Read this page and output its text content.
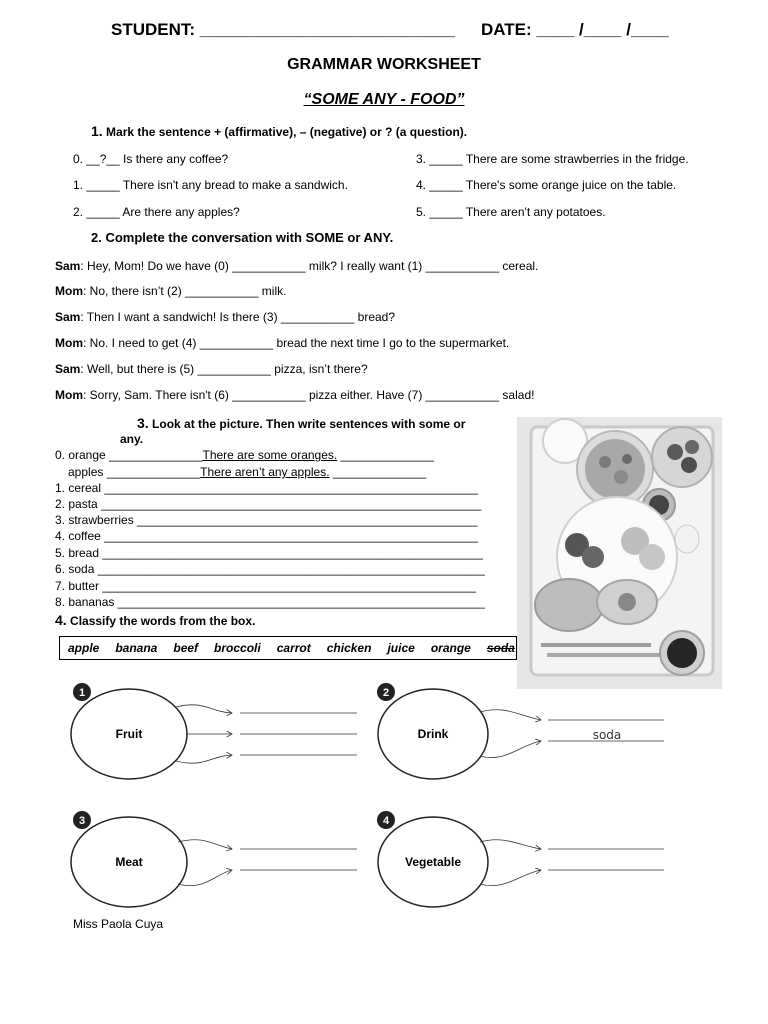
STUDENT: ___________________________ DATE: ____ /____ /____
GRAMMAR WORKSHEET
“SOME ANY - FOOD”
1. Mark the sentence + (affirmative), – (negative) or ? (a question).
0. __?__ Is there any coffee?
1. _____ There isn't any bread to make a sandwich.
2. _____ Are there any apples?
3. _____ There are some strawberries in the fridge.
4. _____ There's some orange juice on the table.
5. _____ There aren't any potatoes.
2. Complete the conversation with SOME or ANY.
Sam: Hey, Mom! Do we have (0) ___________ milk? I really want (1) ___________ cereal.
Mom: No, there isn’t (2) ___________ milk.
Sam: Then I want a sandwich! Is there (3) ___________ bread?
Mom: No. I need to get (4) ___________ bread the next time I go to the supermarket.
Sam: Well, but there is (5) ___________ pizza, isn’t there?
Mom: Sorry, Sam. There isn't (6) ___________ pizza either. Have (7) ___________ salad!
3. Look at the picture. Then write sentences with some or
any.
0. orange ______________There are some oranges. ______________
apples ______________There aren’t any apples. ______________
1. cereal ________________________________________________________
2. pasta _________________________________________________________
3. strawberries ___________________________________________________
4. coffee ________________________________________________________
5. bread _________________________________________________________
6. soda __________________________________________________________
7. butter ________________________________________________________
8. bananas _______________________________________________________
4. Classify the words from the box.
apple banana beef broccoli carrot chicken juice orange soda
1
Fruit
2
Drink	soda
3
Meat
4
Vegetable
Miss Paola Cuya
